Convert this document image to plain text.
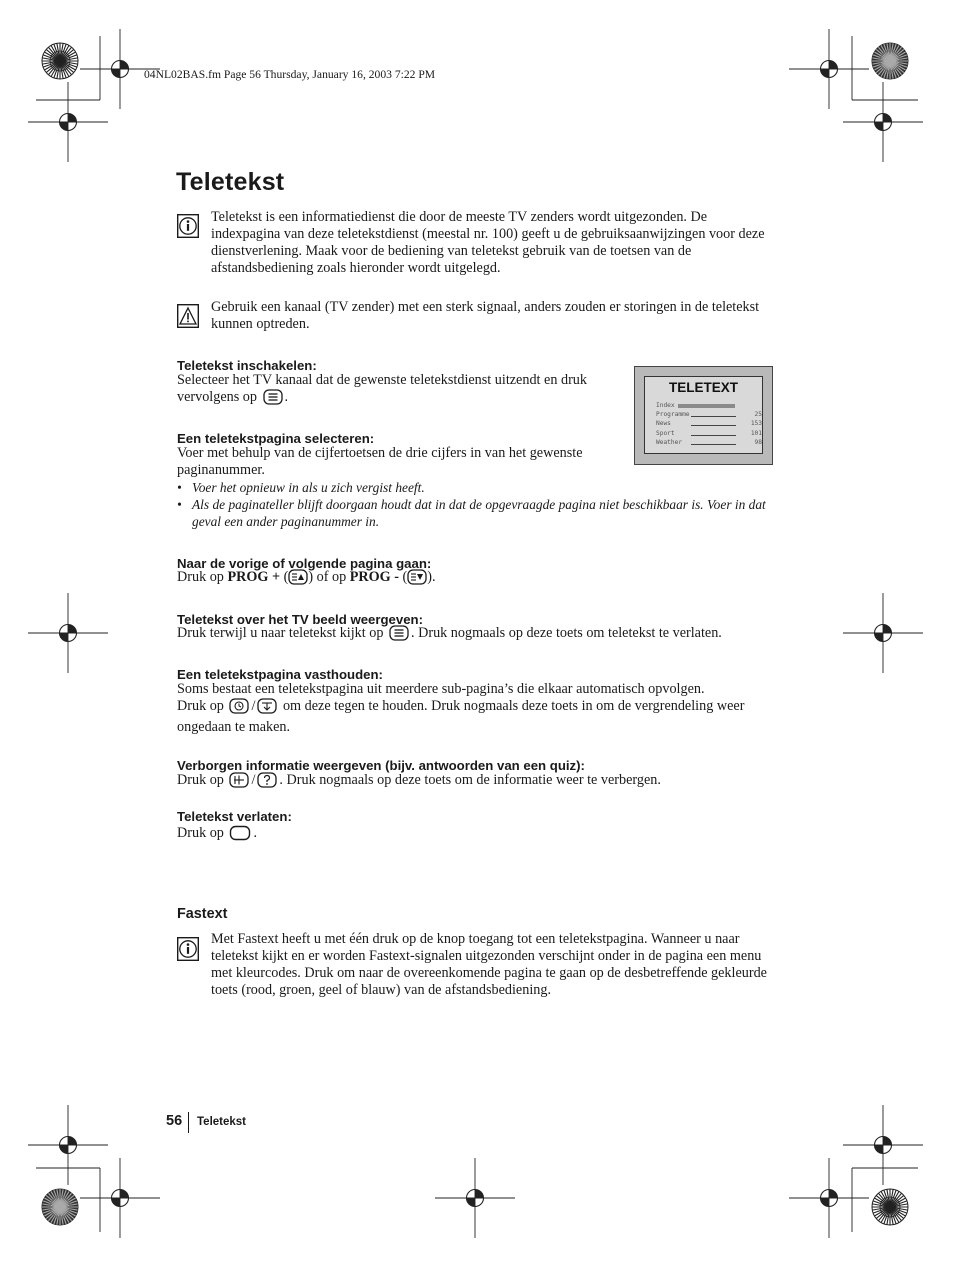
04NL02BAS.fm Page 56 Thursday, January 16, 2003 7:22 PM
Teletekst
Teletekst is een informatiedienst die door de meeste TV zenders wordt uitgezonden. De indexpagina van deze teletekstdienst (meestal nr. 100) geeft u de gebruiksaanwijzingen voor deze dienstverlening. Maak voor de bediening van teletekst gebruik van de toetsen van de afstandsbediening zoals hieronder wordt uitgelegd.
Gebruik een kanaal (TV zender) met een sterk signaal, anders zouden er storingen in de teletekst kunnen optreden.
TELETEXT
Index
Programme	25
News	153
Sport	101
Weather	98
Teletekst inschakelen:
Selecteer het TV kanaal dat de gewenste teletekstdienst uitzendt en druk vervolgens op .
Een teletekstpagina selecteren:
Voer met behulp van de cijfertoetsen de drie cijfers in van het gewenste paginanummer.
• Voer het opnieuw in als u zich vergist heeft.
• Als de paginateller blijft doorgaan houdt dat in dat de opgevraagde pagina niet beschikbaar is. Voer in dat geval een ander paginanummer in.
Naar de vorige of volgende pagina gaan:
Druk op PROG + ( ) of op PROG - ( ).
Teletekst over het TV beeld weergeven:
Druk terwijl u naar teletekst kijkt op . Druk nogmaals op deze toets om teletekst te verlaten.
Een teletekstpagina vasthouden:
Soms bestaat een teletekstpagina uit meerdere sub-pagina’s die elkaar automatisch opvolgen.
Druk op / om deze tegen te houden. Druk nogmaals deze toets in om de vergrendeling weer ongedaan te maken.
Verborgen informatie weergeven (bijv. antwoorden van een quiz):
Druk op / . Druk nogmaals op deze toets om de informatie weer te verbergen.
Teletekst verlaten:
Druk op .
Fastext
Met Fastext heeft u met één druk op de knop toegang tot een teletekstpagina. Wanneer u naar teletekst kijkt en er worden Fastext-signalen uitgezonden verschijnt onder in de pagina een menu met kleurcodes. Druk om naar de overeenkomende pagina te gaan op de desbetreffende gekleurde toets (rood, groen, geel of blauw) van de afstandsbediening.
56 Teletekst
